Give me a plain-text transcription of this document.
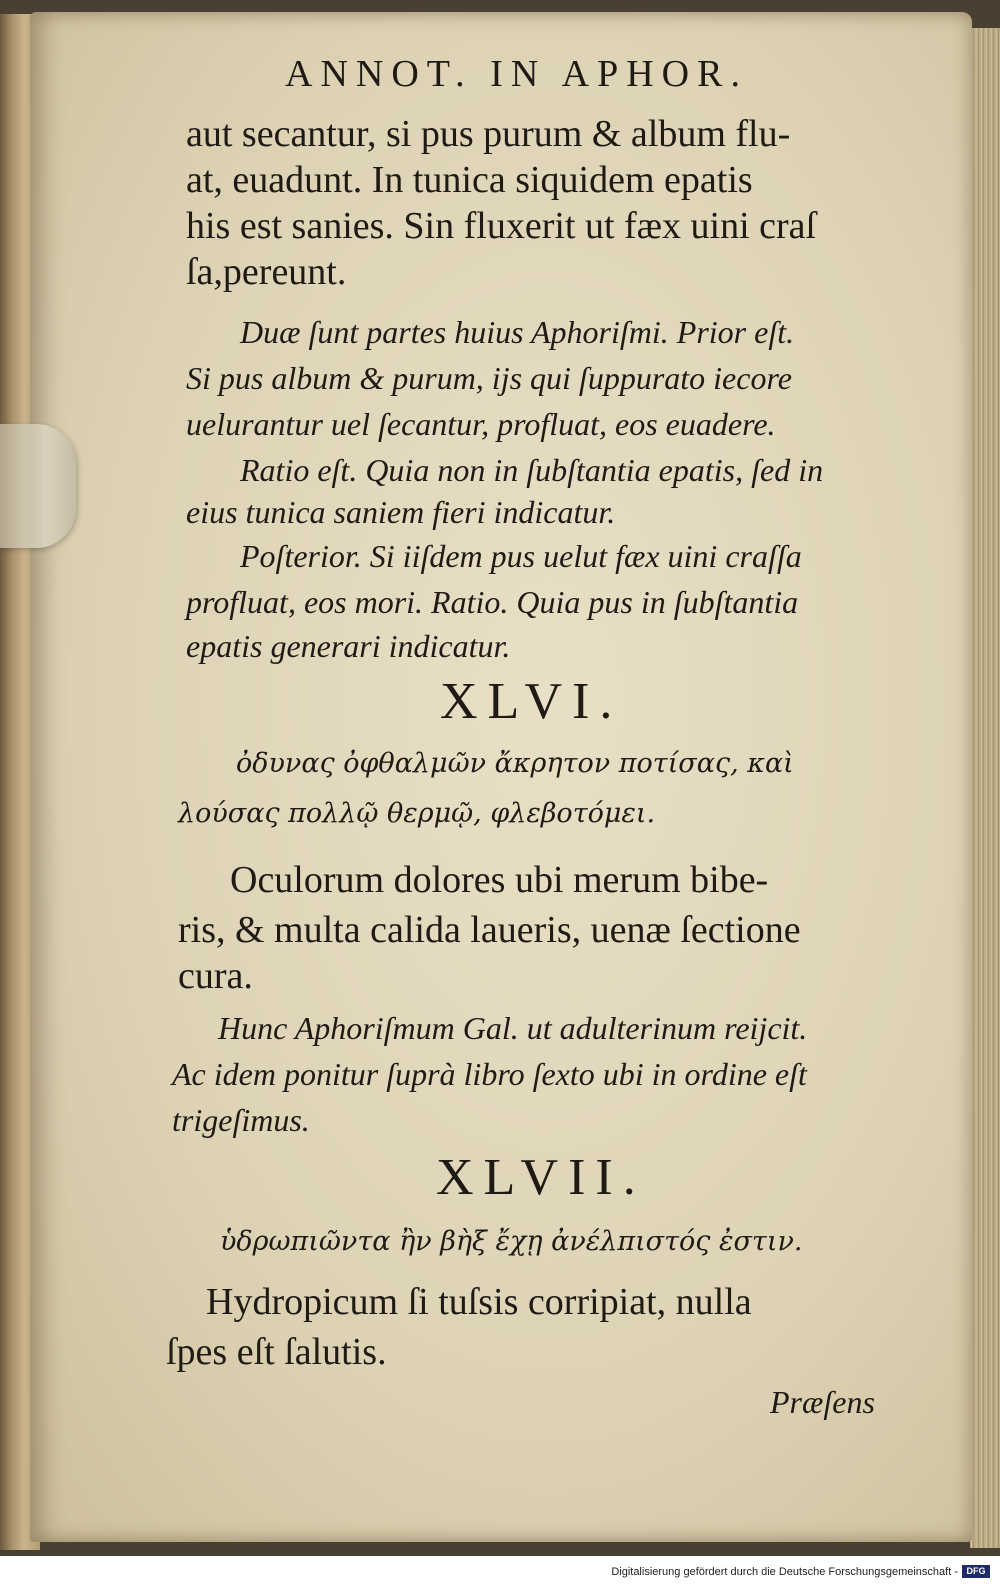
ANNOT. IN APHOR.
aut secantur, si pus purum & album flu-
at, euadunt. In tunica siquidem epatis
his est sanies. Sin fluxerit ut fæx uini craſ
ſa,pereunt.
Duæ ſunt partes huius Aphoriſmi. Prior eſt.
Si pus album & purum, ijs qui ſuppurato iecore
uelurantur uel ſecantur, profluat, eos euadere.
Ratio eſt. Quia non in ſubſtantia epatis, ſed in
eius tunica saniem fieri indicatur.
Poſterior. Si iiſdem pus uelut fæx uini craſſa
profluat, eos mori. Ratio. Quia pus in ſubſtantia
epatis generari indicatur.
XLVI.
ὀδυνας ὀφθαλμῶν ἄκρητον ποτίσας, καὶ
λούσας πολλῷ θερμῷ, φλεβοτόμει.
Oculorum dolores ubi merum bibe-
ris, & multa calida laueris, uenæ ſectione
cura.
Hunc Aphoriſmum Gal. ut adulterinum reijcit.
Ac idem ponitur ſuprà libro ſexto ubi in ordine eſt
trigeſimus.
XLVII.
ὑδρωπιῶντα ἢν βὴξ ἔχῃ ἀνέλπιστός ἐστιν.
Hydropicum ſi tuſsis corripiat, nulla
ſpes eſt ſalutis.
Præſens
Digitalisierung gefördert durch die Deutsche Forschungsgemeinschaft - DFG
